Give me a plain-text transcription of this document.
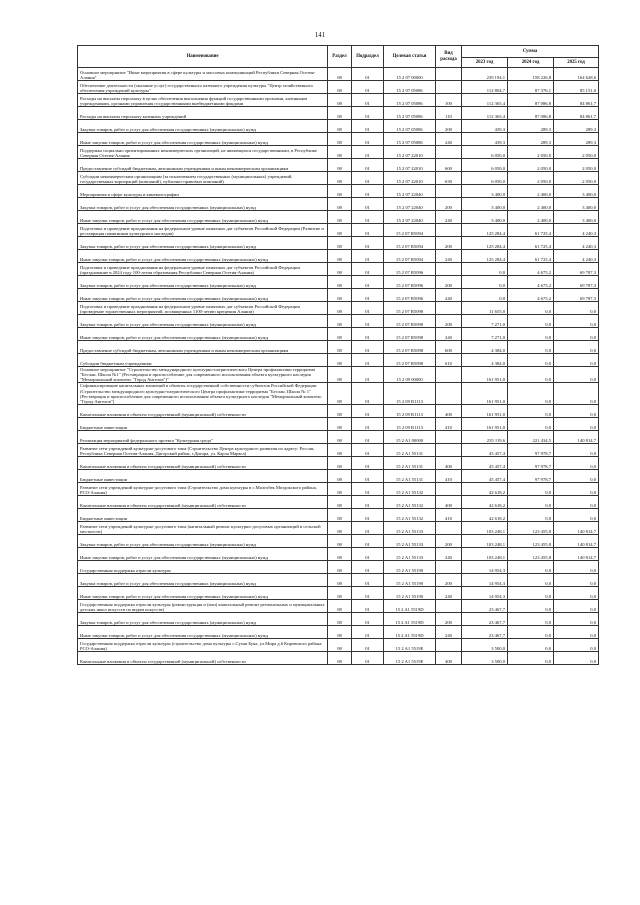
141
Наименование	Раздел	Подраздел	Целевая статья	Вид расхода	Сумма		
					2023 год	2024 год	2025 год
Основное мероприятие "Иные мероприятия в сфере культуры и массовых коммуникаций Республики Северная Осетия-Алания"	08	01	15 2 07 00000		239 194,1	158 226,8	164 628,6
Обеспечение деятельности (оказание услуг) государственного казенного учреждения культуры "Центр хозяйственного обеспечения учреждений культуры"	08	01	15 2 07 05086		112 804,7	87 376,1	85 151,0
Расходы на выплаты персоналу в целях обеспечения выполнения функций государственными органами, казенными учреждениями, органами управления государственными внебюджетными фондами	08	01	15 2 07 05086	100	112 365,4	87 086,8	84 861,7
Расходы на выплаты персоналу казенных учреждений	08	01	15 2 07 05086	110	112 365,4	87 086,8	84 861,7
Закупка товаров, работ и услуг для обеспечения государственных (муниципальных) нужд	08	01	15 2 07 05086	200	439,3	289,3	289,3
Иные закупки товаров, работ и услуг для обеспечения государственных (муниципальных) нужд	08	01	15 2 07 05086	240	439,3	289,3	289,3
Поддержка социально ориентированных некоммерческих организаций, не являющихся государственными, в Республике Северная Осетия-Алания	08	01	15 2 07 22010		6 050,0	2 050,0	2 050,0
Предоставление субсидий бюджетным, автономным учреждениям и иным некоммерческим организациям	08	01	15 2 07 22010	600	6 050,0	2 050,0	2 050,0
Субсидии некоммерческим организациям (за исключением государственных (муниципальных) учреждений, государственных корпораций (компаний), публично-правовых компаний)	08	01	15 2 07 22010	630	6 050,0	2 050,0	2 050,0
Мероприятия в сфере культуры и кинематографии	08	01	15 2 07 22040		3 400,0	2 400,0	3 400,0
Закупка товаров, работ и услуг для обеспечения государственных (муниципальных) нужд	08	01	15 2 07 22040	200	3 400,0	2 400,0	3 400,0
Иные закупки товаров, работ и услуг для обеспечения государственных (муниципальных) нужд	08	01	15 2 07 22040	240	3 400,0	2 400,0	3 400,0
Подготовка и проведение празднования на федеральном уровне памятных дат субъектов Российской Федерации (Развитие и реставрация памятников культурного наследия)	08	01	15 2 07 R5094		125 284,4	61 725,4	4 240,3
Закупка товаров, работ и услуг для обеспечения государственных (муниципальных) нужд	08	01	15 2 07 R5094	200	125 284,4	61 725,4	4 240,3
Иные закупки товаров, работ и услуг для обеспечения государственных (муниципальных) нужд	08	01	15 2 07 R5094	240	125 284,4	61 725,4	4 240,3
Подготовка и проведение празднования на федеральном уровне памятных дат субъектов Российской Федерации (празднование в 2024 году 100-летия образования Республики Северная Осетия-Алания)	08	01	15 2 07 R5096		0,0	4 675,2	69 787,3
Закупка товаров, работ и услуг для обеспечения государственных (муниципальных) нужд	08	01	15 2 07 R5096	200	0,0	4 675,2	69 787,3
Иные закупки товаров, работ и услуг для обеспечения государственных (муниципальных) нужд	08	01	15 2 07 R5096	240	0,0	4 675,2	69 787,3
Подготовка и проведение празднования на федеральном уровне памятных дат субъектов Российской Федерации (проведение торжественных мероприятий, посвященных 1100-летию крещения Алании)	08	01	15 2 07 R5098		11 655,0	0,0	0,0
Закупка товаров, работ и услуг для обеспечения государственных (муниципальных) нужд	08	01	15 2 07 R5098	200	7 271,0	0,0	0,0
Иные закупки товаров, работ и услуг для обеспечения государственных (муниципальных) нужд	08	01	15 2 07 R5098	240	7 271,0	0,0	0,0
Предоставление субсидий бюджетным, автономным учреждениям и иным некоммерческим организациям	08	01	15 2 07 R5098	600	4 384,0	0,0	0,0
Субсидии бюджетным учреждениям	08	01	15 2 07 R5098	610	4 384,0	0,0	0,0
Основное мероприятие "Строительство международного культурно-патриотического Центра профилактики терроризма "Беслан. Школа №1" (Реставрация и приспособление для современного использования объекта культурного наследия "Мемориальный комплекс "Город Ангелов")"	08	01	15 2 09 00000		161 951,0	0,0	0,0
Софинансирование капитальных вложений в объекты государственной собственности субъектов Российской Федерации (Строительство международного культурно-патриотического Центра профилактики терроризма "Беслан. Школа № 1" (Реставрация и приспособление для современного использования объекта культурного наследия "Мемориальный комплекс "Город Ангелов")	08	01	15 2 09 R1113		161 951,0	0,0	0,0
Капитальные вложения в объекты государственной (муниципальной) собственности	08	01	15 2 09 R1113	400	161 951,0	0,0	0,0
Бюджетные инвестиции	08	01	15 2 09 R1113	410	161 951,0	0,0	0,0
Реализация мероприятий федерального проекта "Культурная среда"	08	01	15 2 A1 00000		235 119,6	221 434,5	140 814,7
Развитие сети учреждений культурно-досугового типа (Строительство Центра культурного развития по адресу: Россия, Республика Северная Осетия-Алания, Дигорский район, г.Дигора, ул. Карла Маркса)	08	01	15 2 A1 55131		45 457,4	97 978,7	0,0
Капитальные вложения в объекты государственной (муниципальной) собственности	08	01	15 2 A1 55131	400	45 457,4	97 978,7	0,0
Бюджетные инвестиции	08	01	15 2 A1 55131	410	45 457,4	97 978,7	0,0
Развитие сети учреждений культурно-досугового типа (Строительство дома культуры в с.Малгобек Моздокского района, РСО-Алания)	08	01	15 2 A1 55132		42 618,2	0,0	0,0
Капитальные вложения в объекты государственной (муниципальной) собственности	08	01	15 2 A1 55132	400	42 618,2	0,0	0,0
Бюджетные инвестиции	08	01	15 2 A1 55132	410	42 618,2	0,0	0,0
Развитие сети учреждений культурно-досугового типа (капитальный ремонт культурно-досуговых организаций в сельской местности)	08	01	15 2 A1 55133		103 248,1	123 455,8	140 814,7
Закупка товаров, работ и услуг для обеспечения государственных (муниципальных) нужд	08	01	15 2 A1 55133	200	103 248,1	123 455,8	140 814,7
Иные закупки товаров, работ и услуг для обеспечения государственных (муниципальных) нужд	08	01	15 2 A1 55133	240	103 248,1	123 455,8	140 814,7
Государственная поддержка отрасли культуры	08	01	15 2 A1 55190		14 954,3	0,0	0,0
Закупка товаров, работ и услуг для обеспечения государственных (муниципальных) нужд	08	01	15 2 A1 55190	200	14 954,3	0,0	0,0
Иные закупки товаров, работ и услуг для обеспечения государственных (муниципальных) нужд	08	01	15 2 A1 55190	240	14 954,3	0,0	0,0
Государственная поддержка отрасли культуры (реконструкция и (или) капитальный ремонт региональных и муниципальных детских школ искусств по видам искусств)	08	01	15 2 A1 5519D		23 467,7	0,0	0,0
Закупка товаров, работ и услуг для обеспечения государственных (муниципальных) нужд	08	01	15 2 A1 5519D	200	23 467,7	0,0	0,0
Иные закупки товаров, работ и услуг для обеспечения государственных (муниципальных) нужд	08	01	15 2 A1 5519D	240	23 467,7	0,0	0,0
Государственная поддержка отрасли культуры (строительство дома культуры с.Сухая Бука, ул.Мира д.6 Кировского района РСО-Алания)	08	01	15 2 A1 5519E		3 500,0	0,0	0,0
Капитальные вложения в объекты государственной (муниципальной) собственности	08	01	15 2 A1 5519E	400	3 500,0	0,0	0,0
